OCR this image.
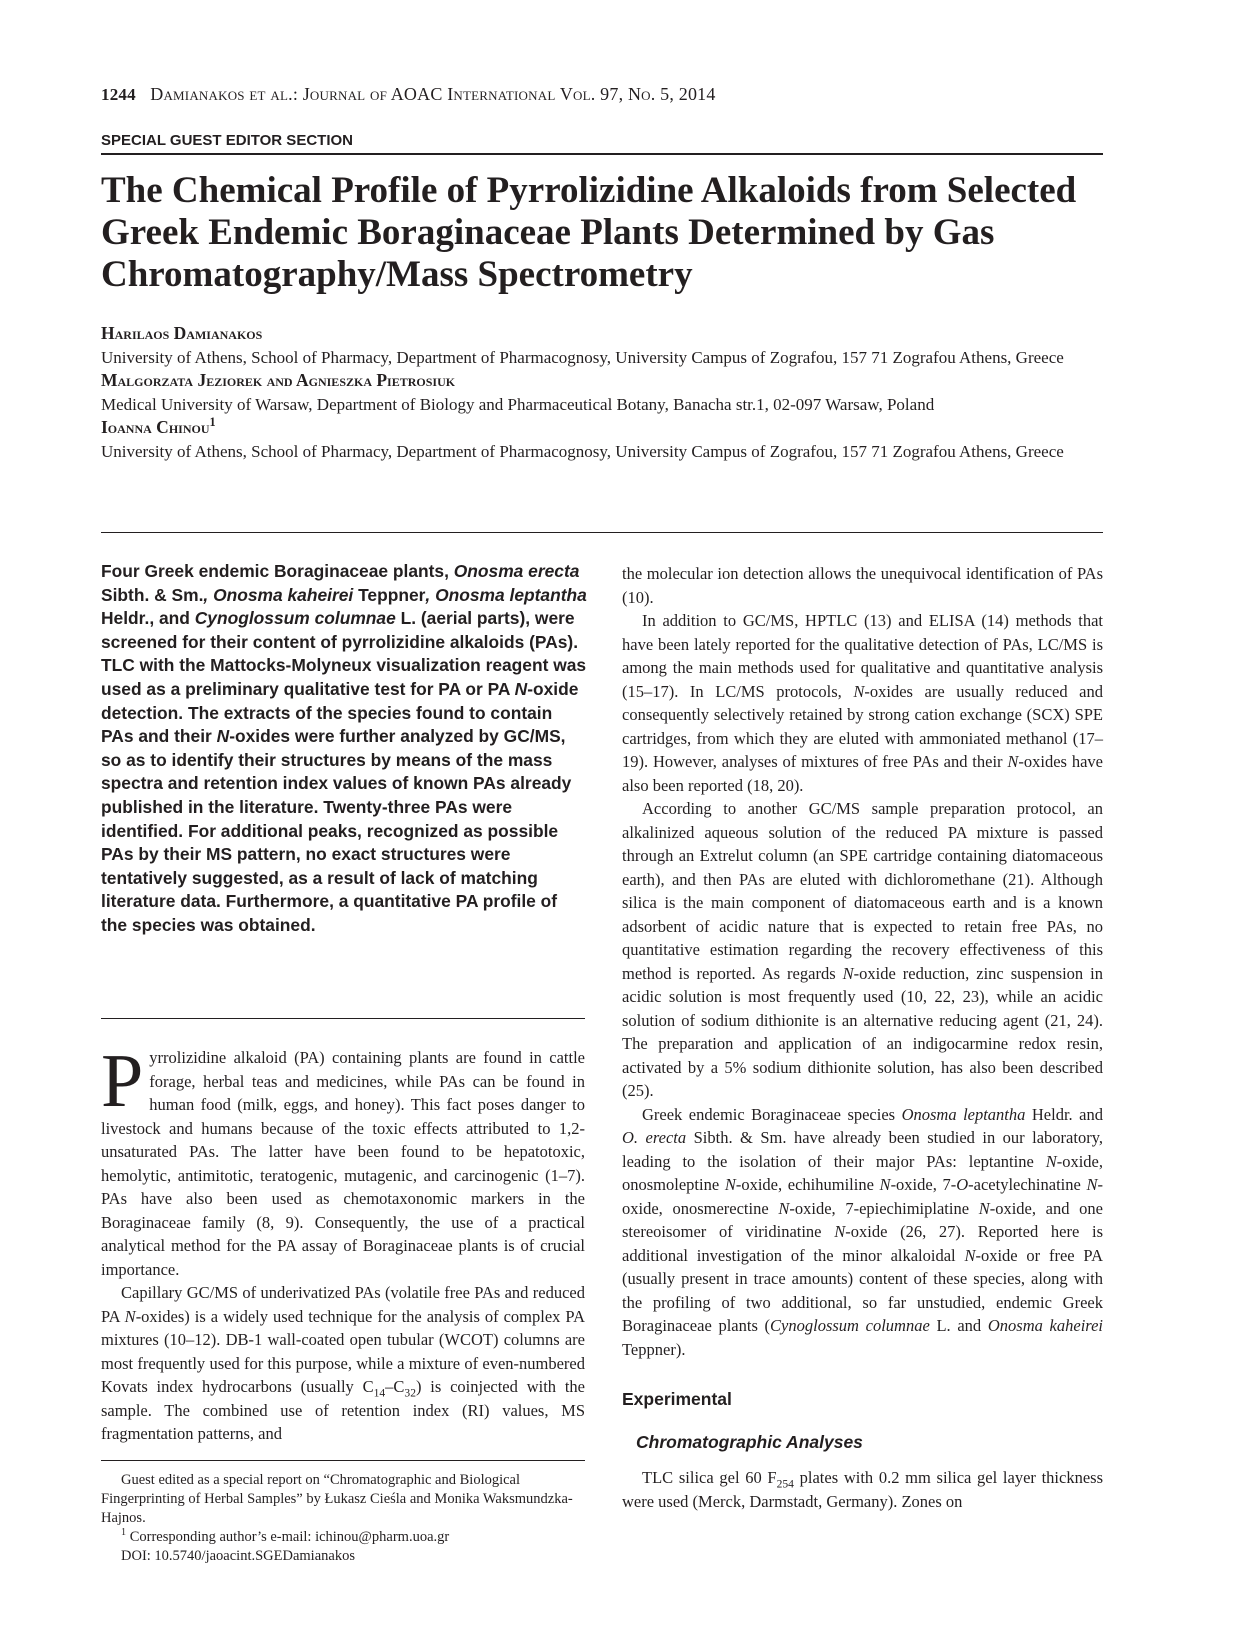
1244 Damianakos et al.: Journal of AOAC International Vol. 97, No. 5, 2014
SPECIAL GUEST EDITOR SECTION
The Chemical Profile of Pyrrolizidine Alkaloids from Selected Greek Endemic Boraginaceae Plants Determined by Gas Chromatography/Mass Spectrometry
Harilaos Damianakos
University of Athens, School of Pharmacy, Department of Pharmacognosy, University Campus of Zografou, 157 71 Zografou Athens, Greece
Malgorzata Jeziorek and Agnieszka Pietrosiuk
Medical University of Warsaw, Department of Biology and Pharmaceutical Botany, Banacha str.1, 02-097 Warsaw, Poland
Ioanna Chinou$^1$
University of Athens, School of Pharmacy, Department of Pharmacognosy, University Campus of Zografou, 157 71 Zografou Athens, Greece

Four Greek endemic Boraginaceae plants, Onosma erecta Sibth. & Sm., Onosma kaheirei Teppner, Onosma leptantha Heldr., and Cynoglossum columnae L. (aerial parts), were screened for their content of pyrrolizidine alkaloids (PAs). TLC with the Mattocks-Molyneux visualization reagent was used as a preliminary qualitative test for PA or PA N-oxide detection. The extracts of the species found to contain PAs and their N-oxides were further analyzed by GC/MS, so as to identify their structures by means of the mass spectra and retention index values of known PAs already published in the literature. Twenty-three PAs were identified. For additional peaks, recognized as possible PAs by their MS pattern, no exact structures were tentatively suggested, as a result of lack of matching literature data. Furthermore, a quantitative PA profile of the species was obtained.

Pyrrolizidine alkaloid (PA) containing plants are found in cattle forage, herbal teas and medicines, while PAs can be found in human food (milk, eggs, and honey). This fact poses danger to livestock and humans because of the toxic effects attributed to 1,2-unsaturated PAs. The latter have been found to be hepatotoxic, hemolytic, antimitotic, teratogenic, mutagenic, and carcinogenic (1–7). PAs have also been used as chemotaxonomic markers in the Boraginaceae family (8, 9). Consequently, the use of a practical analytical method for the PA assay of Boraginaceae plants is of crucial importance.

Capillary GC/MS of underivatized PAs (volatile free PAs and reduced PA N-oxides) is a widely used technique for the analysis of complex PA mixtures (10–12). DB-1 wall-coated open tubular (WCOT) columns are most frequently used for this purpose, while a mixture of even-numbered Kovats index hydrocarbons (usually $C_{14}-C_{32}$) is coinjected with the sample. The combined use of retention index (RI) values, MS fragmentation patterns, and

Guest edited as a special report on “Chromatographic and Biological Fingerprinting of Herbal Samples” by Łukasz Cieśla and Monika Waksmundzka-Hajnos.

$^1$ Corresponding author’s e-mail: ichinou@pharm.uoa.gr

DOI: 10.5740/jaoacint.SGEDamianakos

the molecular ion detection allows the unequivocal identification of PAs (10).

In addition to GC/MS, HPTLC (13) and ELISA (14) methods that have been lately reported for the qualitative detection of PAs, LC/MS is among the main methods used for qualitative and quantitative analysis (15–17). In LC/MS protocols, N-oxides are usually reduced and consequently selectively retained by strong cation exchange (SCX) SPE cartridges, from which they are eluted with ammoniated methanol (17–19). However, analyses of mixtures of free PAs and their N-oxides have also been reported (18, 20).

According to another GC/MS sample preparation protocol, an alkalinized aqueous solution of the reduced PA mixture is passed through an Extrelut column (an SPE cartridge containing diatomaceous earth), and then PAs are eluted with dichloromethane (21). Although silica is the main component of diatomaceous earth and is a known adsorbent of acidic nature that is expected to retain free PAs, no quantitative estimation regarding the recovery effectiveness of this method is reported. As regards N-oxide reduction, zinc suspension in acidic solution is most frequently used (10, 22, 23), while an acidic solution of sodium dithionite is an alternative reducing agent (21, 24). The preparation and application of an indigocarmine redox resin, activated by a 5% sodium dithionite solution, has also been described (25).

Greek endemic Boraginaceae species Onosma leptantha Heldr. and O. erecta Sibth. & Sm. have already been studied in our laboratory, leading to the isolation of their major PAs: leptantine N-oxide, onosmoleptine N-oxide, echihumiline N-oxide, 7-O-acetylechinatine N-oxide, onosmerectine N-oxide, 7-epiechimiplatine N-oxide, and one stereoisomer of viridinatine N-oxide (26, 27). Reported here is additional investigation of the minor alkaloidal N-oxide or free PA (usually present in trace amounts) content of these species, along with the profiling of two additional, so far unstudied, endemic Greek Boraginaceae plants (Cynoglossum columnae L. and Onosma kaheirei Teppner).

Experimental
Chromatographic Analyses

TLC silica gel 60 $F_{254}$ plates with 0.2 mm silica gel layer thickness were used (Merck, Darmstadt, Germany). Zones on
